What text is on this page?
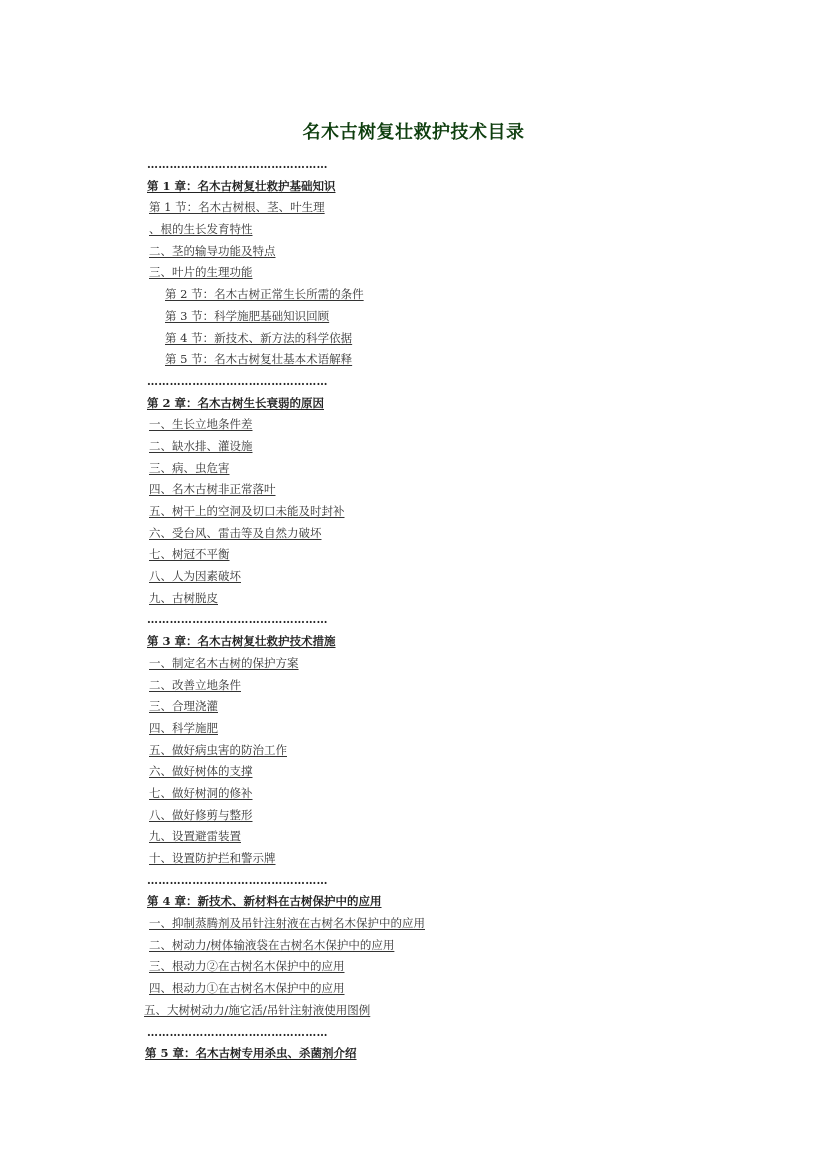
名木古树复壮救护技术目录
…………………………………………
第 1 章：名木古树复壮救护基础知识
第 1 节：名木古树根、茎、叶生理
、根的生长发育特性
二、茎的输导功能及特点
三、叶片的生理功能
第 2 节：名木古树正常生长所需的条件
第 3 节：科学施肥基础知识回顾
第 4 节：新技术、新方法的科学依据
第 5 节：名木古树复壮基本术语解释
…………………………………………
第 2 章：名木古树生长衰弱的原因
一、生长立地条件差
二、缺水排、灌设施
三、病、虫危害
四、名木古树非正常落叶
五、树干上的空洞及切口未能及时封补
六、受台风、雷击等及自然力破坏
七、树冠不平衡
八、人为因素破坏
九、古树脱皮
…………………………………………
第 3 章：名木古树复壮救护技术措施
一、制定名木古树的保护方案
二、改善立地条件
三、合理浇灌
四、科学施肥
五、做好病虫害的防治工作
六、做好树体的支撑
七、做好树洞的修补
八、做好修剪与整形
九、设置避雷装置
十、设置防护拦和警示牌
…………………………………………
第 4 章：新技术、新材料在古树保护中的应用
一、抑制蒸腾剂及吊针注射液在古树名木保护中的应用
二、树动力/树体输液袋在古树名木保护中的应用
三、根动力②在古树名木保护中的应用
四、根动力①在古树名木保护中的应用
五、大树树动力/施它活/吊针注射液使用图例
…………………………………………
第 5 章：名木古树专用杀虫、杀菌剂介绍
